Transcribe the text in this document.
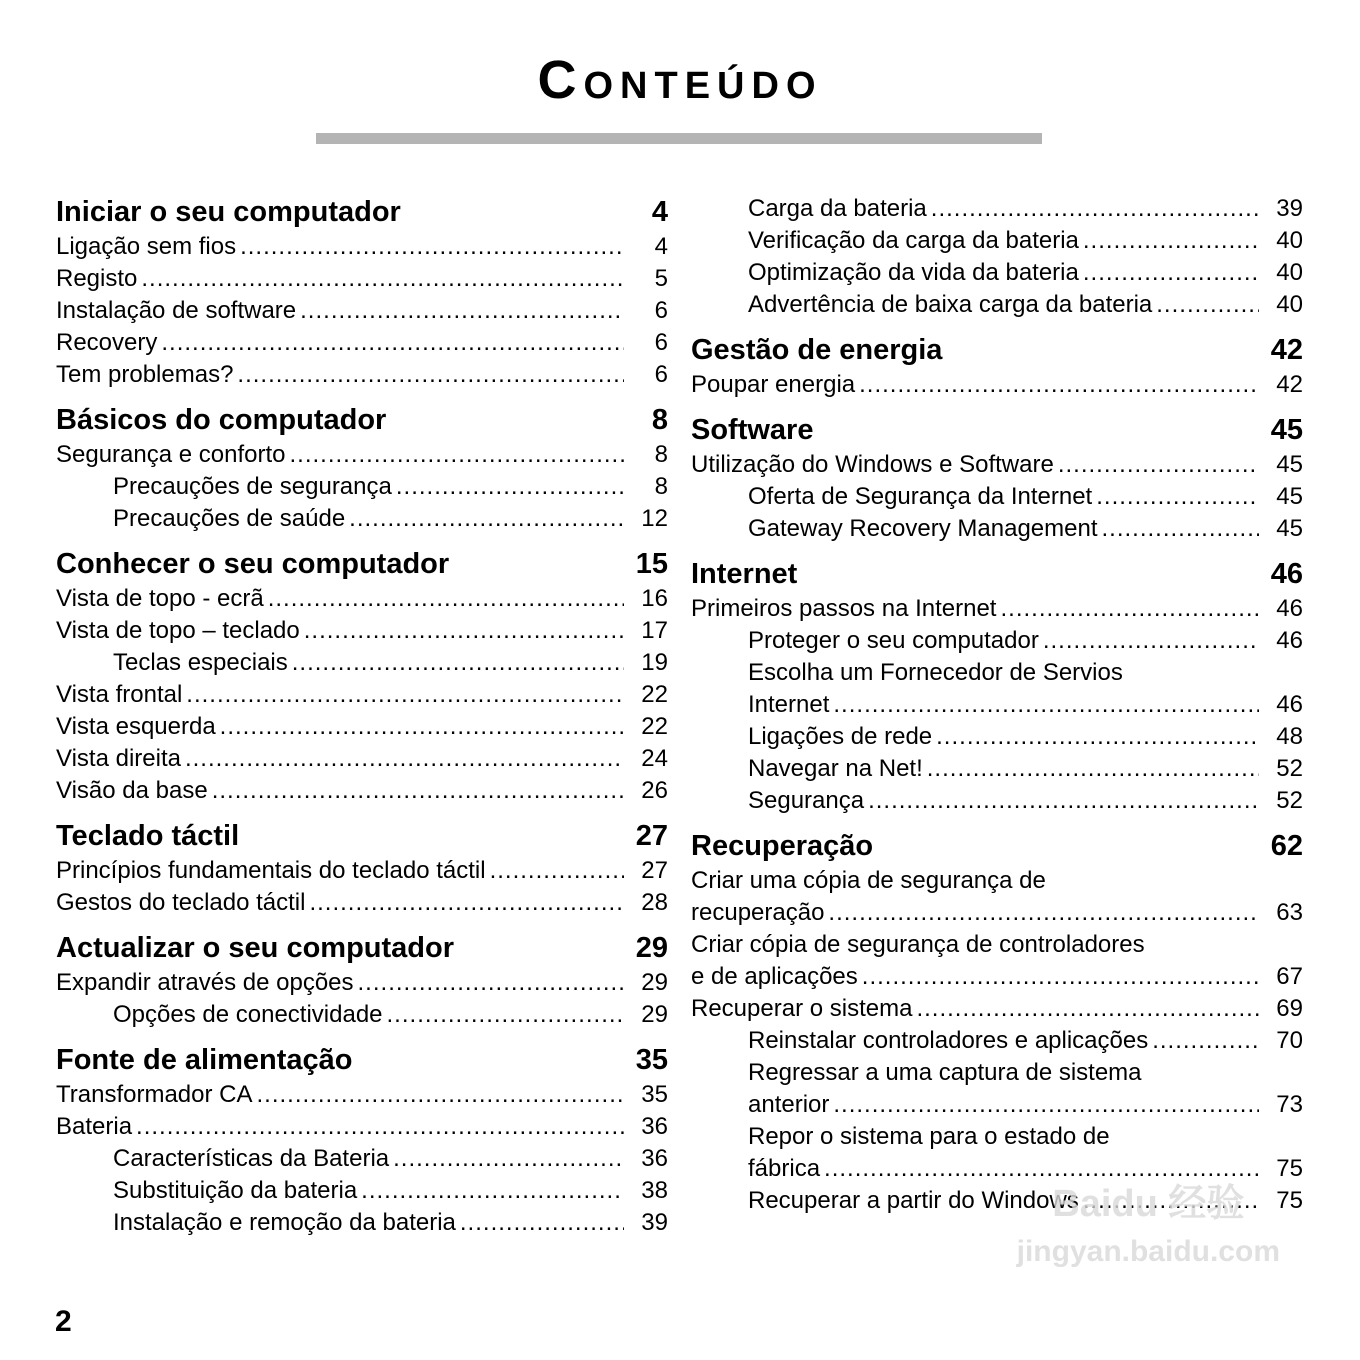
Conteúdo
Iniciar o seu computador	4
Ligação sem fios .....	4
Registo .....	5
Instalação de software .....	6
Recovery .....	6
Tem problemas? .....	6
Básicos do computador	8
Segurança e conforto .....	8
Precauções de segurança .....	8
Precauções de saúde .....	12
Conhecer o seu computador	15
Vista de topo - ecrã .....	16
Vista de topo – teclado .....	17
Teclas especiais .....	19
Vista frontal .....	22
Vista esquerda .....	22
Vista direita .....	24
Visão da base .....	26
Teclado táctil	27
Princípios fundamentais do teclado táctil .....	27
Gestos do teclado táctil .....	28
Actualizar o seu computador	29
Expandir através de opções .....	29
Opções de conectividade .....	29
Fonte de alimentação	35
Transformador CA .....	35
Bateria .....	36
Características da Bateria .....	36
Substituição da bateria .....	38
Instalação e remoção da bateria .....	39
Carga da bateria .....	39
Verificação da carga da bateria .....	40
Optimização da vida da bateria .....	40
Advertência de baixa carga da bateria .....	40
Gestão de energia	42
Poupar energia .....	42
Software	45
Utilização do Windows e Software .....	45
Oferta de Segurança da Internet .....	45
Gateway Recovery Management .....	45
Internet	46
Primeiros passos na Internet .....	46
Proteger o seu computador .....	46
Escolha um Fornecedor de Servios
Internet .....	46
Ligações de rede .....	48
Navegar na Net! .....	52
Segurança .....	52
Recuperação	62
Criar uma cópia de segurança de
recuperação .....	63
Criar cópia de segurança de controladores
e de aplicações .....	67
Recuperar o sistema .....	69
Reinstalar controladores e aplicações .....	70
Regressar a uma captura de sistema
anterior .....	73
Repor o sistema para o estado de
fábrica .....	75
Recuperar a partir do Windows .....	75
2
Baidu 经验
jingyan.baidu.com
